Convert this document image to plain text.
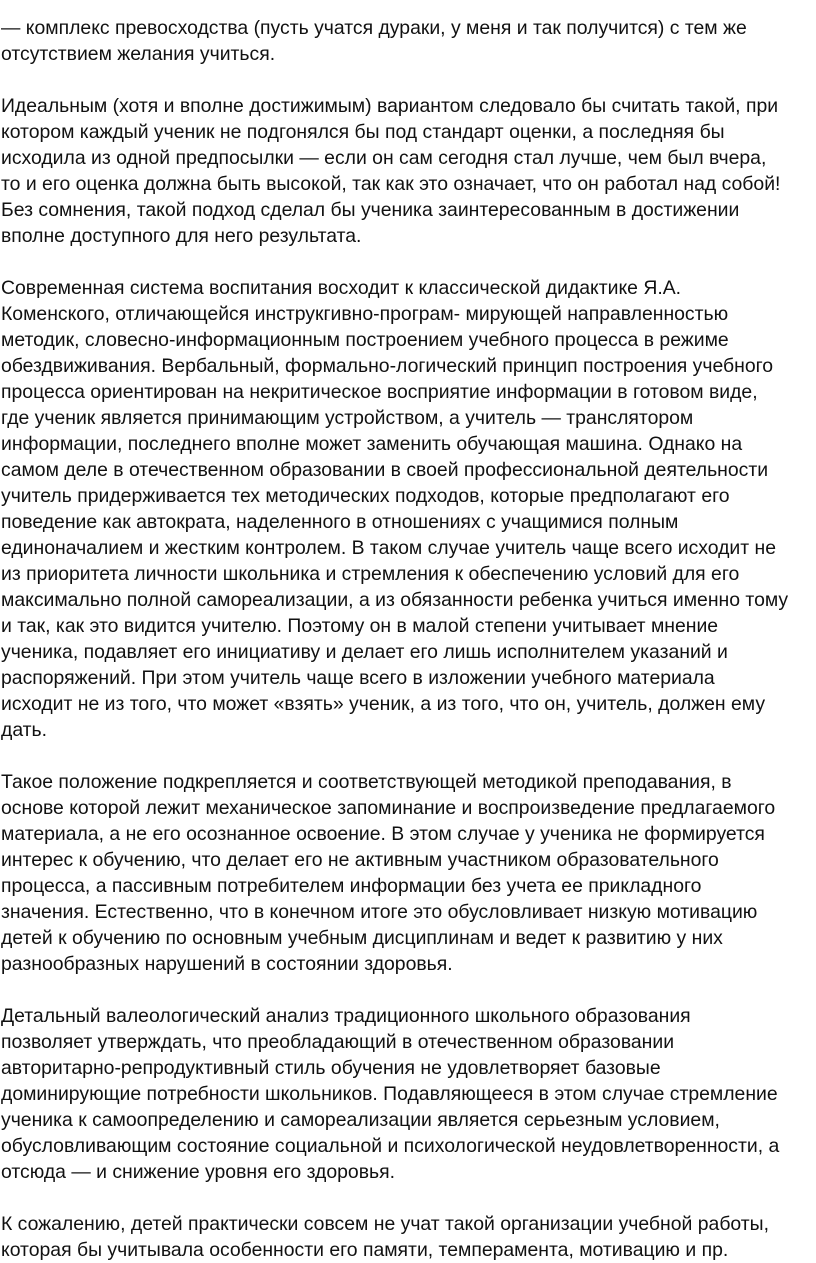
— комплекс превосходства (пусть учатся дураки, у меня и так получится) с тем же
отсутствием желания учиться.

Идеальным (хотя и вполне достижимым) вариантом следовало бы считать такой, при
котором каждый ученик не подгонялся бы под стандарт оценки, а последняя бы
исходила из одной предпосылки — если он сам сегодня стал лучше, чем был вчера,
то и его оценка должна быть высокой, так как это означает, что он работал над собой!
Без сомнения, такой подход сделал бы ученика заинтересованным в достижении
вполне доступного для него результата.

Современная система воспитания восходит к классической дидактике Я.А.
Коменского, отличающейся инструкгивно-програм- мирующей направленностью
методик, словесно-информационным построением учебного процесса в режиме
обездвиживания. Вербальный, формально-логический принцип построения учебного
процесса ориентирован на некритическое восприятие информации в готовом виде,
где ученик является принимающим устройством, а учитель — транслятором
информации, последнего вполне может заменить обучающая машина. Однако на
самом деле в отечественном образовании в своей профессиональной деятельности
учитель придерживается тех методических подходов, которые предполагают его
поведение как автократа, наделенного в отношениях с учащимися полным
единоначалием и жестким контролем. В таком случае учитель чаще всего исходит не
из приоритета личности школьника и стремления к обеспечению условий для его
максимально полной самореализации, а из обязанности ребенка учиться именно тому
и так, как это видится учителю. Поэтому он в малой степени учитывает мнение
ученика, подавляет его инициативу и делает его лишь исполнителем указаний и
распоряжений. При этом учитель чаще всего в изложении учебного материала
исходит не из того, что может «взять» ученик, а из того, что он, учитель, должен ему
дать.

Такое положение подкрепляется и соответствующей методикой преподавания, в
основе которой лежит механическое запоминание и воспроизведение предлагаемого
материала, а не его осознанное освоение. В этом случае у ученика не формируется
интерес к обучению, что делает его не активным участником образовательного
процесса, а пассивным потребителем информации без учета ее прикладного
значения. Естественно, что в конечном итоге это обусловливает низкую мотивацию
детей к обучению по основным учебным дисциплинам и ведет к развитию у них
разнообразных нарушений в состоянии здоровья.

Детальный валеологический анализ традиционного школьного образования
позволяет утверждать, что преобладающий в отечественном образовании
авторитарно-репродуктивный стиль обучения не удовлетворяет базовые
доминирующие потребности школьников. Подавляющееся в этом случае стремление
ученика к самоопределению и самореализации является серьезным условием,
обусловливающим состояние социальной и психологической неудовлетворенности, а
отсюда — и снижение уровня его здоровья.

К сожалению, детей практически совсем не учат такой организации учебной работы,
которая бы учитывала особенности его памяти, темперамента, мотивацию и пр.
